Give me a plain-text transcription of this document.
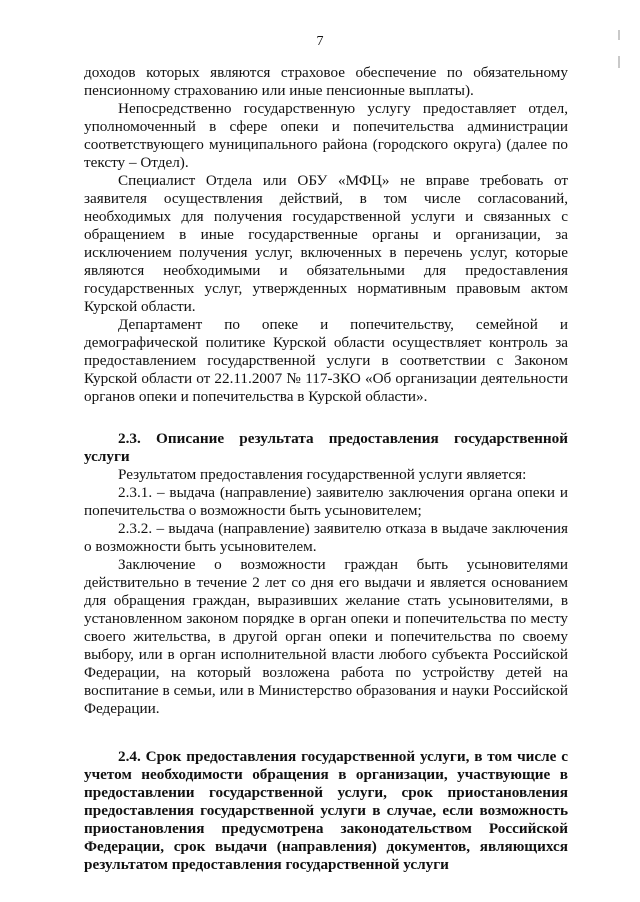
7

доходов которых являются страховое обеспечение по обязательному пенсионному страхованию или иные пенсионные выплаты).

Непосредственно государственную услугу предоставляет отдел, уполномоченный в сфере опеки и попечительства администрации соответствующего муниципального района (городского округа) (далее по тексту – Отдел).

Специалист Отдела или ОБУ «МФЦ» не вправе требовать от заявителя осуществления действий, в том числе согласований, необходимых для получения государственной услуги и связанных с обращением в иные государственные органы и организации, за исключением получения услуг, включенных в перечень услуг, которые являются необходимыми и обязательными для предоставления государственных услуг, утвержденных нормативным правовым актом Курской области.

Департамент по опеке и попечительству, семейной и демографической политике Курской области осуществляет контроль за предоставлением государственной услуги в соответствии с Законом Курской области от 22.11.2007 № 117-ЗКО «Об организации деятельности органов опеки и попечительства в Курской области».

2.3. Описание результата предоставления государственной услуги

Результатом предоставления государственной услуги является:

2.3.1. – выдача (направление) заявителю заключения органа опеки и попечительства о возможности быть усыновителем;

2.3.2. – выдача (направление) заявителю отказа в выдаче заключения о возможности быть усыновителем.

Заключение о возможности граждан быть усыновителями действительно в течение 2 лет со дня его выдачи и является основанием для обращения граждан, выразивших желание стать усыновителями, в установленном законом порядке в орган опеки и попечительства по месту своего жительства, в другой орган опеки и попечительства по своему выбору, или в орган исполнительной власти любого субъекта Российской Федерации, на который возложена работа по устройству детей на воспитание в семьи, или в Министерство образования и науки Российской Федерации.

2.4. Срок предоставления государственной услуги, в том числе с учетом необходимости обращения в организации, участвующие в предоставлении государственной услуги, срок приостановления предоставления государственной услуги в случае, если возможность приостановления предусмотрена законодательством Российской Федерации, срок выдачи (направления) документов, являющихся результатом предоставления государственной услуги
